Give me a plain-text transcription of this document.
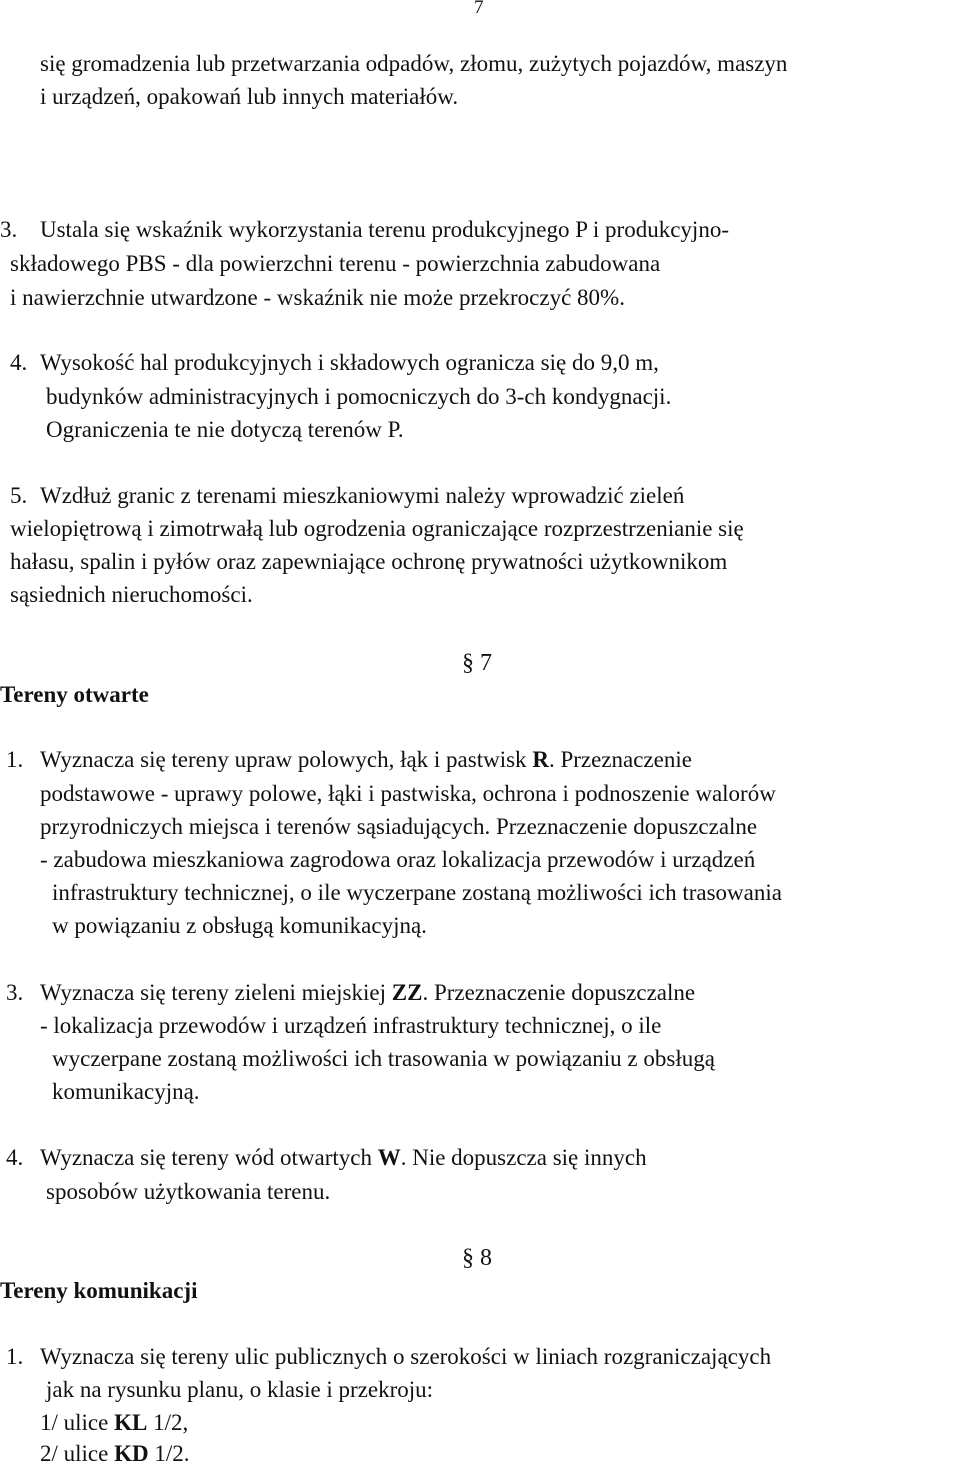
7
się gromadzenia lub przetwarzania odpadów, złomu, zużytych pojazdów, maszyn
i urządzeń, opakowań lub innych materiałów.
3. Ustala się wskaźnik wykorzystania terenu produkcyjnego P i produkcyjno-
składowego PBS - dla powierzchni terenu - powierzchnia zabudowana
i nawierzchnie utwardzone - wskaźnik nie może przekroczyć 80%.
4. Wysokość hal produkcyjnych i składowych ogranicza się do 9,0 m,
budynków administracyjnych i pomocniczych do 3-ch kondygnacji.
Ograniczenia te nie dotyczą terenów P.
5. Wzdłuż granic z terenami mieszkaniowymi należy wprowadzić zieleń
wielopiętrową i zimotrwałą lub ogrodzenia ograniczające rozprzestrzenianie się
hałasu, spalin i pyłów oraz zapewniające ochronę prywatności użytkownikom
sąsiednich nieruchomości.
§ 7
Tereny otwarte
1. Wyznacza się tereny upraw polowych, łąk i pastwisk R. Przeznaczenie
podstawowe - uprawy polowe, łąki i pastwiska, ochrona i podnoszenie walorów
przyrodniczych miejsca i terenów sąsiadujących. Przeznaczenie dopuszczalne
- zabudowa mieszkaniowa zagrodowa oraz lokalizacja przewodów i urządzeń
infrastruktury technicznej, o ile wyczerpane zostaną możliwości ich trasowania
w powiązaniu z obsługą komunikacyjną.
3. Wyznacza się tereny zieleni miejskiej ZZ. Przeznaczenie dopuszczalne
- lokalizacja przewodów i urządzeń infrastruktury technicznej, o ile
wyczerpane zostaną możliwości ich trasowania w powiązaniu z obsługą
komunikacyjną.
4. Wyznacza się tereny wód otwartych W. Nie dopuszcza się innych
sposobów użytkowania terenu.
§ 8
Tereny komunikacji
1. Wyznacza się tereny ulic publicznych o szerokości w liniach rozgraniczających
jak na rysunku planu, o klasie i przekroju:
1/ ulice KL 1/2,
2/ ulice KD 1/2.
